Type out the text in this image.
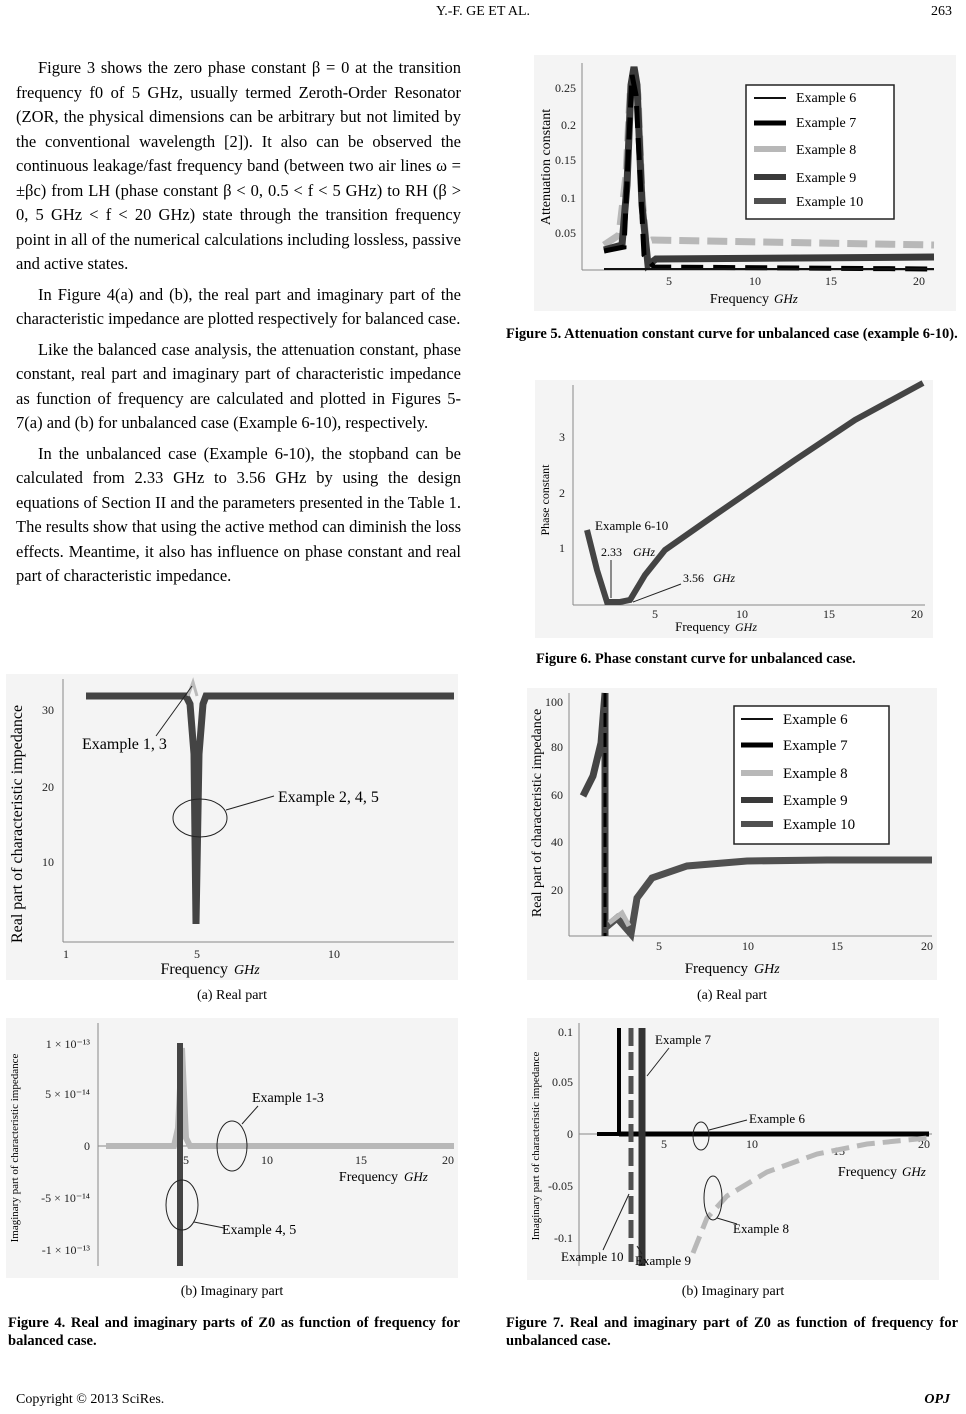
Y.-F. GE ET AL.	263

Figure 3 shows the zero phase constant β = 0 at the transition frequency f0 of 5 GHz, usually termed Zeroth-Order Resonator (ZOR, the physical dimensions can be arbitrary but not limited by the conventional wavelength [2]). It also can be observed the continuous leakage/fast frequency band (between two air lines ω = ±βc) from LH (phase constant β < 0, 0.5 < f < 5 GHz) to RH (β > 0, 5 GHz < f < 20 GHz) state through the transition frequency point in all of the numerical calculations including lossless, passive and active states.

In Figure 4(a) and (b), the real part and imaginary part of the characteristic impedance are plotted respectively for balanced case.

Like the balanced case analysis, the attenuation constant, phase constant, real part and imaginary part of characteristic impedance as function of frequency are calculated and plotted in Figures 5-7(a) and (b) for unbalanced case (Example 6-10), respectively.

In the unbalanced case (Example 6-10), the stopband can be calculated from 2.33 GHz to 3.56 GHz by using the design equations of Section II and the parameters presented in the Table 1. The results show that using the active method can diminish the loss effects. Meantime, it also has influence on phase constant and real part of characteristic impedance.

0.25
0.2
0.15
0.1
0.05
5	10	15	20
Attenuation constant
Frequency GHz
Example 6
Example 7
Example 8
Example 9
Example 10
Figure 5. Attenuation constant curve for unbalanced case (example 6-10).
3
2
1
5	10	15	20
Phase constant
Frequency GHz
Example 6-10
2.33 GHz
3.56 GHz
Figure 6. Phase constant curve for unbalanced case.
10
20
30
1	5	10
Real part of characteristic impedance
Frequency GHz
Example 1, 3
Example 2, 4, 5
(a) Real part
20
40
60
80
100
5	10	15	20
Real part of characteristic impedance
Frequency GHz
Example 6
Example 7
Example 8
Example 9
Example 10
(a) Real part
1 × 10⁻¹³
5 × 10⁻¹⁴
0
-5 × 10⁻¹⁴
-1 × 10⁻¹³
5	10	15	20
Imaginary part of characteristic impedance	Frequency GHz
Example 1-3
Example 4, 5
(b) Imaginary part
0.1
0.05
0
-0.05
-0.1
5	10	15	20
Imaginary part of characteristic impedance	Frequency GHz
Example 7
Example 6
Example 8
Example 10 Example 9
(b) Imaginary part
Figure 4. Real and imaginary parts of Z0 as function of frequency for balanced case.
Figure 7. Real and imaginary part of Z0 as function of frequency for unbalanced case.
Copyright © 2013 SciRes.	OPJ
